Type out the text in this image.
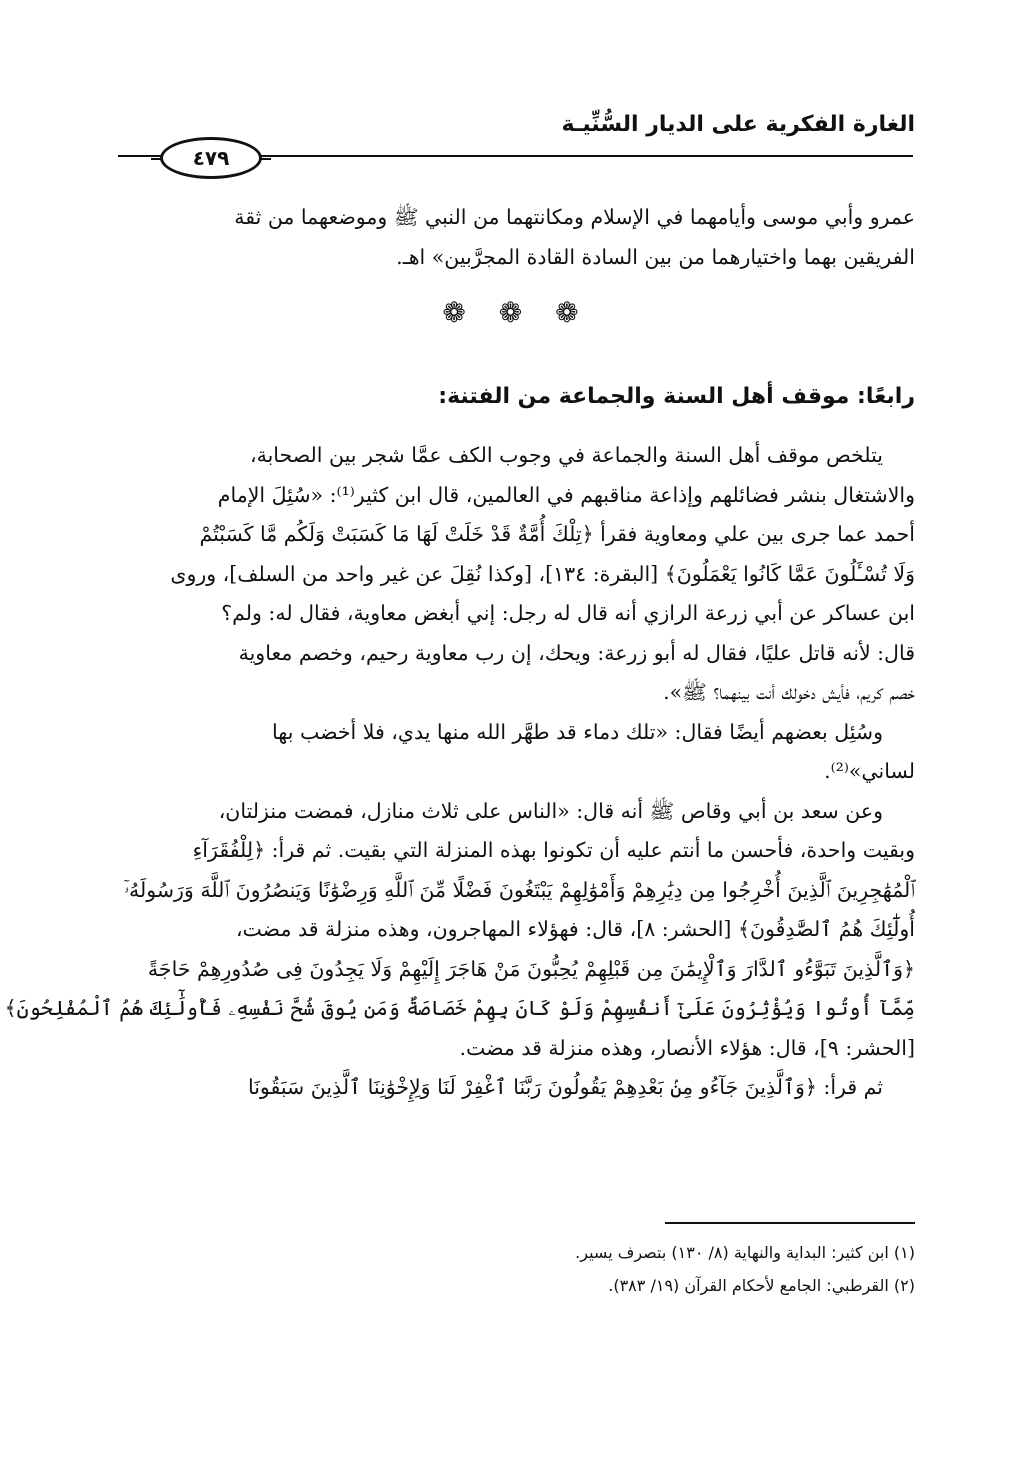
الغارة الفكرية على الديار السُّنِّيـة
٤٧٩
عمرو وأبي موسى وأيامهما في الإسلام ومكانتهما من النبي ﷺ وموضعهما من ثقة
الفريقين بهما واختيارهما من بين السادة القادة المجرَّبين» اهـ.
❁ ❁ ❁
رابعًا: موقف أهل السنة والجماعة من الفتنة:
يتلخص موقف أهل السنة والجماعة في وجوب الكف عمَّا شجر بين الصحابة،
والاشتغال بنشر فضائلهم وإذاعة مناقبهم في العالمين، قال ابن كثير⁽¹⁾: «سُئِلَ الإمام
أحمد عما جرى بين علي ومعاوية فقرأ ﴿تِلْكَ أُمَّةٌ قَدْ خَلَتْ لَهَا مَا كَسَبَتْ وَلَكُم مَّا كَسَبْتُمْ
وَلَا تُسْـَٔلُونَ عَمَّا كَانُوا يَعْمَلُونَ﴾ [البقرة: ١٣٤]، [وكذا نُقِلَ عن غير واحد من السلف]، وروى
ابن عساكر عن أبي زرعة الرازي أنه قال له رجل: إني أبغض معاوية، فقال له: ولم؟
قال: لأنه قاتل عليًا، فقال له أبو زرعة: ويحك، إن رب معاوية رحيم، وخصم معاوية
خصم كريم، فأيش دخولك أنت بينهما؟ ﷺ».
وسُئِل بعضهم أيضًا فقال: «تلك دماء قد طهَّر الله منها يدي، فلا أخضب بها
لساني»⁽²⁾.
وعن سعد بن أبي وقاص ﷺ أنه قال: «الناس على ثلاث منازل، فمضت منزلتان،
وبقيت واحدة، فأحسن ما أنتم عليه أن تكونوا بهذه المنزلة التي بقيت. ثم قرأ: ﴿لِلْفُقَرَآءِ
ٱلْمُهَٰجِرِينَ ٱلَّذِينَ أُخْرِجُوا مِن دِيَٰرِهِمْ وَأَمْوَٰلِهِمْ يَبْتَغُونَ فَضْلًا مِّنَ ٱللَّهِ وَرِضْوَٰنًا وَيَنصُرُونَ ٱللَّهَ وَرَسُولَهُۥٓ
أُولَٰٓئِكَ هُمُ ٱلصَّٰدِقُونَ﴾ [الحشر: ٨]، قال: فهؤلاء المهاجرون، وهذه منزلة قد مضت،
﴿وَٱلَّذِينَ تَبَوَّءُو ٱلدَّارَ وَٱلْإِيمَٰنَ مِن قَبْلِهِمْ يُحِبُّونَ مَنْ هَاجَرَ إِلَيْهِمْ وَلَا يَجِدُونَ فِى صُدُورِهِمْ حَاجَةً
مِّمَّآ أُوتُوا وَيُؤْثِرُونَ عَلَىٰٓ أَنفُسِهِمْ وَلَوْ كَانَ بِهِمْ خَصَاصَةٌ وَمَن يُوقَ شُحَّ نَفْسِهِۦ فَأُولَٰٓئِكَ هُمُ ٱلْمُفْلِحُونَ﴾
[الحشر: ٩]، قال: هؤلاء الأنصار، وهذه منزلة قد مضت.
ثم قرأ: ﴿وَٱلَّذِينَ جَآءُو مِنۢ بَعْدِهِمْ يَقُولُونَ رَبَّنَا ٱغْفِرْ لَنَا وَلِإِخْوَٰنِنَا ٱلَّذِينَ سَبَقُونَا
(١) ابن كثير: البداية والنهاية (٨/ ١٣٠) بتصرف يسير.
(٢) القرطبي: الجامع لأحكام القرآن (١٩/ ٣٨٣).
